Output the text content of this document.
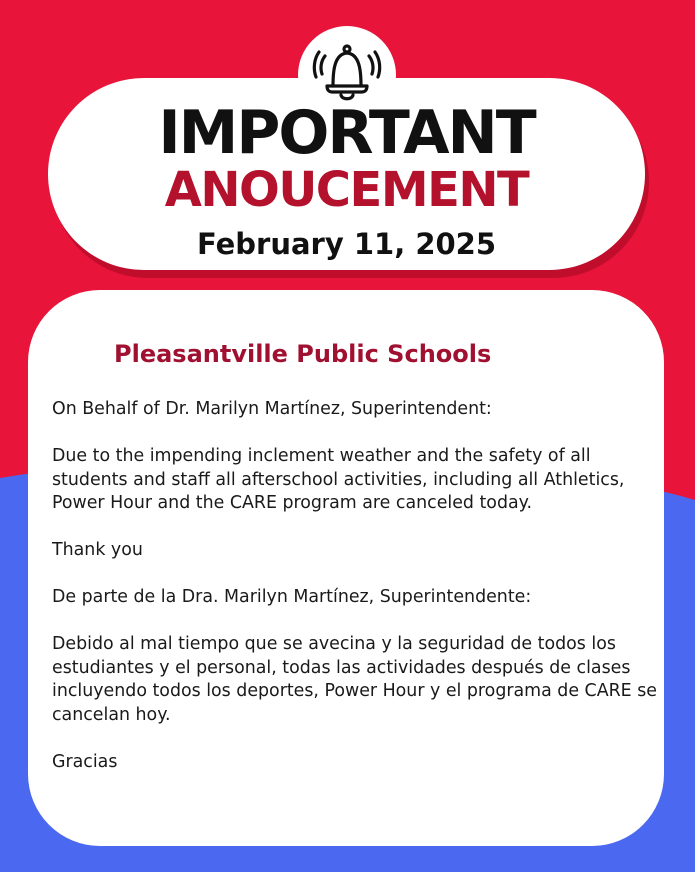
IMPORTANT
ANOUCEMENT
February 11, 2025
Pleasantville Public Schools

On Behalf of Dr. Marilyn Martínez, Superintendent:

Due to the impending inclement weather and the safety of all students and staff all afterschool activities, including all Athletics, Power Hour and the CARE program are canceled today.

Thank you

De parte de la Dra. Marilyn Martínez, Superintendente:

Debido al mal tiempo que se avecina y la seguridad de todos los estudiantes y el personal, todas las actividades después de clases incluyendo todos los deportes, Power Hour y el programa de CARE se cancelan hoy.

Gracias
